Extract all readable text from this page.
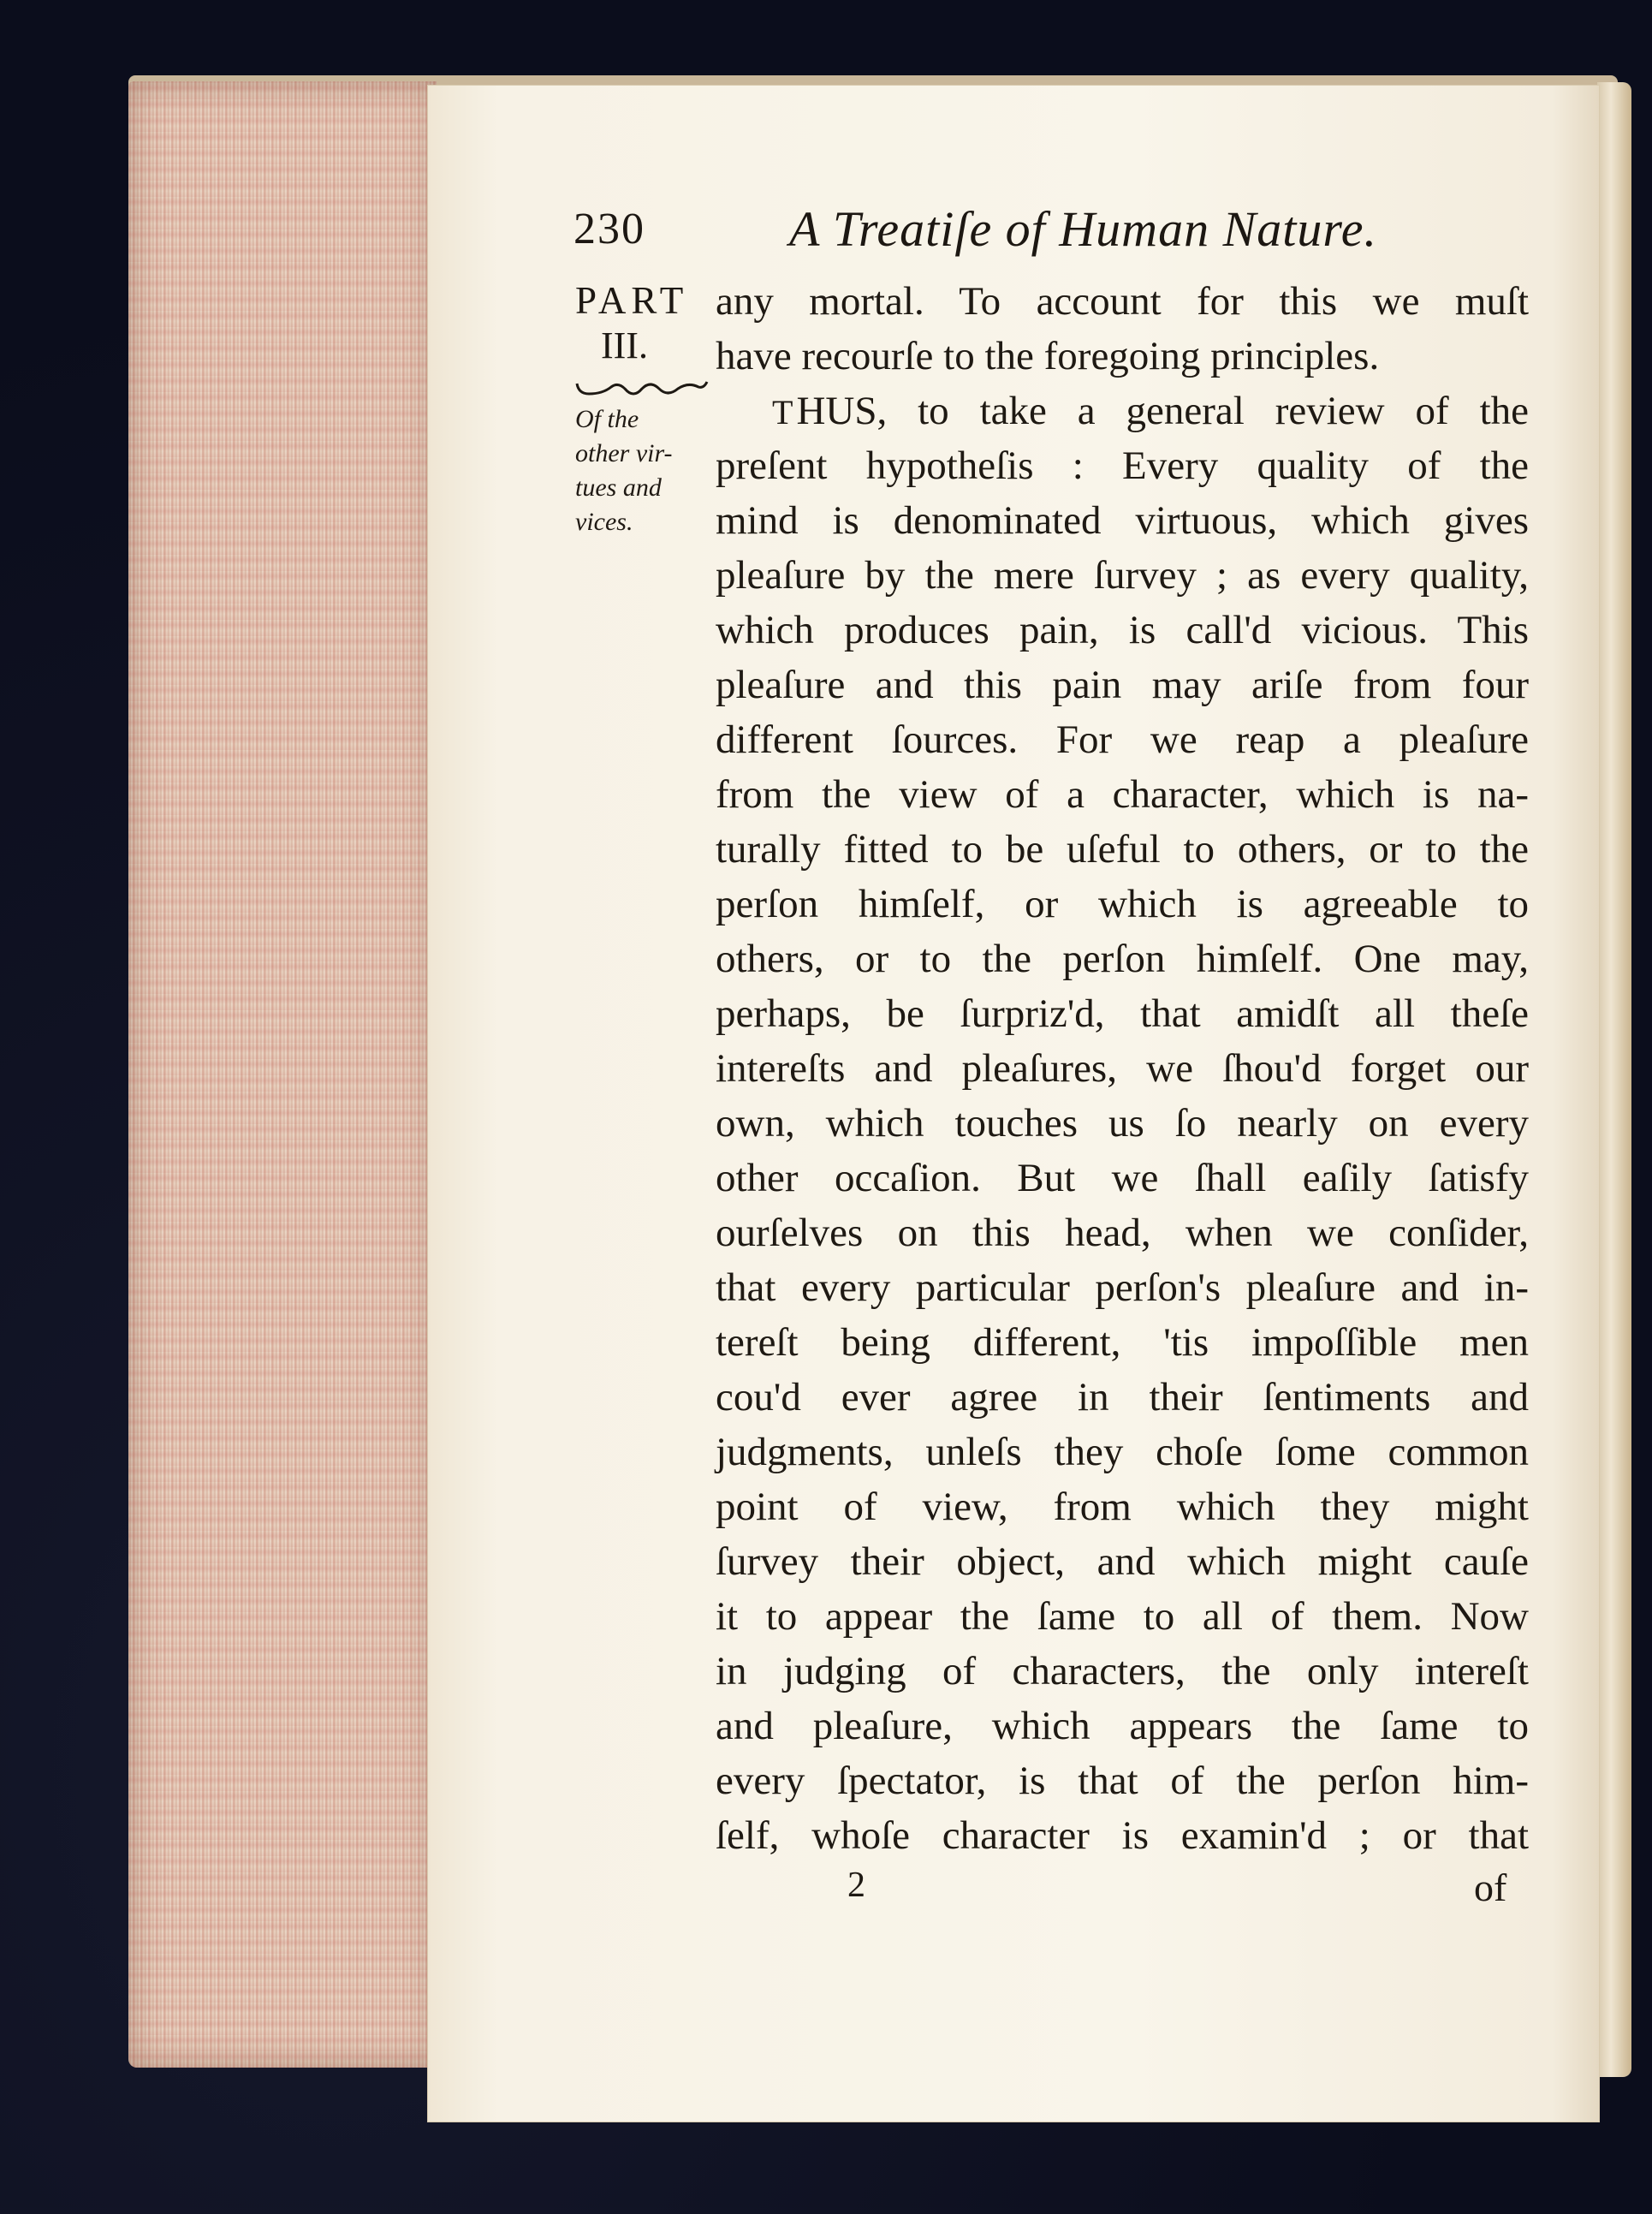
230	A Treatiſe of Human Nature.
PART
III.
Of the
other vir-
tues and
vices.
any mortal. To account for this we muſt
have recourſe to the foregoing principles.
THUS, to take a general review of the
preſent hypotheſis : Every quality of the
mind is denominated virtuous, which gives
pleaſure by the mere ſurvey ; as every quality,
which produces pain, is call'd vicious. This
pleaſure and this pain may ariſe from four
different ſources. For we reap a pleaſure
from the view of a character, which is na-
turally fitted to be uſeful to others, or to the
perſon himſelf, or which is agreeable to
others, or to the perſon himſelf. One may,
perhaps, be ſurpriz'd, that amidſt all theſe
intereſts and pleaſures, we ſhou'd forget our
own, which touches us ſo nearly on every
other occaſion. But we ſhall eaſily ſatisfy
ourſelves on this head, when we conſider,
that every particular perſon's pleaſure and in-
tereſt being different, 'tis impoſſible men
cou'd ever agree in their ſentiments and
judgments, unleſs they choſe ſome common
point of view, from which they might
ſurvey their object, and which might cauſe
it to appear the ſame to all of them. Now
in judging of characters, the only intereſt
and pleaſure, which appears the ſame to
every ſpectator, is that of the perſon him-
ſelf, whoſe character is examin'd ; or that
2	of
